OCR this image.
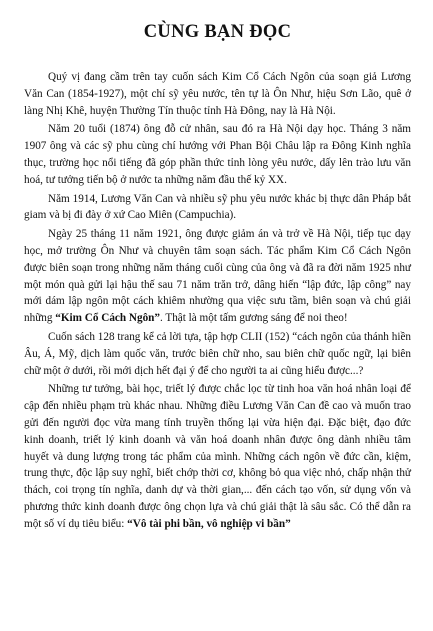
CÙNG BẠN ĐỌC

Quý vị đang cầm trên tay cuốn sách Kim Cổ Cách Ngôn của soạn giả Lương Văn Can (1854-1927), một chí sỹ yêu nước, tên tự là Ôn Như, hiệu Sơn Lão, quê ở làng Nhị Khê, huyện Thường Tín thuộc tỉnh Hà Đông, nay là Hà Nội.

Năm 20 tuổi (1874) ông đỗ cử nhân, sau đó ra Hà Nội dạy học. Tháng 3 năm 1907 ông và các sỹ phu cùng chí hướng với Phan Bội Châu lập ra Đông Kinh nghĩa thục, trường học nổi tiếng đã góp phần thức tỉnh lòng yêu nước, dấy lên trào lưu văn hoá, tư tưởng tiến bộ ở nước ta những năm đầu thế kỷ XX.

Năm 1914, Lương Văn Can và nhiều sỹ phu yêu nước khác bị thực dân Pháp bắt giam và bị đi đày ở xứ Cao Miên (Campuchia).

Ngày 25 tháng 11 năm 1921, ông được giảm án và trở về Hà Nội, tiếp tục dạy học, mở trường Ôn Như và chuyên tâm soạn sách. Tác phẩm Kim Cổ Cách Ngôn được biên soạn trong những năm tháng cuối cùng của ông và đã ra đời năm 1925 như một món quà gửi lại hậu thế sau 71 năm trăn trở, dâng hiến “lập đức, lập công” nay mới dám lập ngôn một cách khiêm nhường qua việc sưu tầm, biên soạn và chú giải những “Kim Cổ Cách Ngôn”. Thật là một tấm gương sáng để noi theo!

Cuốn sách 128 trang kể cả lời tựa, tập hợp CLII (152) “cách ngôn của thánh hiền Âu, Á, Mỹ, dịch làm quốc văn, trước biên chữ nho, sau biên chữ quốc ngữ, lại biên chữ một ở dưới, rồi mới dịch hết đại ý để cho người ta ai cũng hiểu được...?

Những tư tưởng, bài học, triết lý được chắc lọc từ tinh hoa văn hoá nhân loại để cập đến nhiều phạm trù khác nhau. Những điều Lương Văn Can đề cao và muốn trao gửi đến người đọc vừa mang tính truyền thống lại vừa hiện đại. Đặc biệt, đạo đức kinh doanh, triết lý kinh doanh và văn hoá doanh nhân được ông dành nhiều tâm huyết và dung lượng trong tác phẩm của mình. Những cách ngôn về đức cần, kiệm, trung thực, độc lập suy nghĩ, biết chớp thời cơ, không bỏ qua việc nhỏ, chấp nhận thử thách, coi trọng tín nghĩa, danh dự và thời gian,... đến cách tạo vốn, sử dụng vốn và phương thức kinh doanh được ông chọn lựa và chú giải thật là sâu sắc. Có thể dẫn ra một số ví dụ tiêu biểu: “Vô tài phi bần, vô nghiệp vi bần”
